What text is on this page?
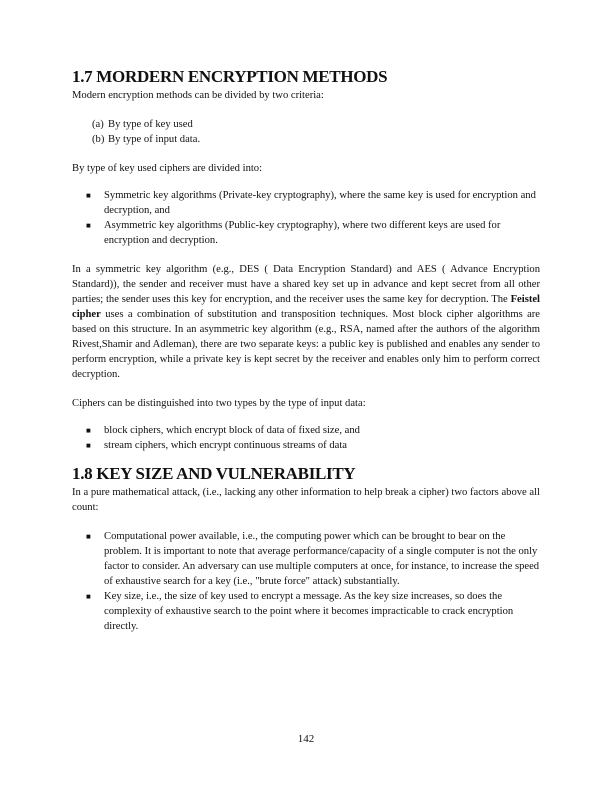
1.7 MORDERN ENCRYPTION METHODS

Modern encryption methods can be divided by two criteria:

(a) By type of key used
(b) By type of input data.

By type of key used ciphers are divided into:

■	Symmetric key algorithms (Private-key cryptography), where the same key is used for encryption and decryption, and
■	Asymmetric key algorithms (Public-key cryptography), where two different keys are used for encryption and decryption.

In a symmetric key algorithm (e.g., DES ( Data Encryption Standard) and AES ( Advance Encryption Standard)), the sender and receiver must have a shared key set up in advance and kept secret from all other parties; the sender uses this key for encryption, and the receiver uses the same key for decryption. The Feistel cipher uses a combination of substitution and transposition techniques. Most block cipher algorithms are based on this structure. In an asymmetric key algorithm (e.g., RSA, named after the authors of the algorithm Rivest,Shamir and Adleman), there are two separate keys: a public key is published and enables any sender to perform encryption, while a private key is kept secret by the receiver and enables only him to perform correct decryption.

Ciphers can be distinguished into two types by the type of input data:

■	block ciphers, which encrypt block of data of fixed size, and
■	stream ciphers, which encrypt continuous streams of data
1.8 KEY SIZE AND VULNERABILITY

In a pure mathematical attack, (i.e., lacking any other information to help break a cipher) two factors above all count:

■	Computational power available, i.e., the computing power which can be brought to bear on the problem. It is important to note that average performance/capacity of a single computer is not the only factor to consider. An adversary can use multiple computers at once, for instance, to increase the speed of exhaustive search for a key (i.e., "brute force" attack) substantially.
■	Key size, i.e., the size of key used to encrypt a message. As the key size increases, so does the complexity of exhaustive search to the point where it becomes impracticable to crack encryption directly.
142
